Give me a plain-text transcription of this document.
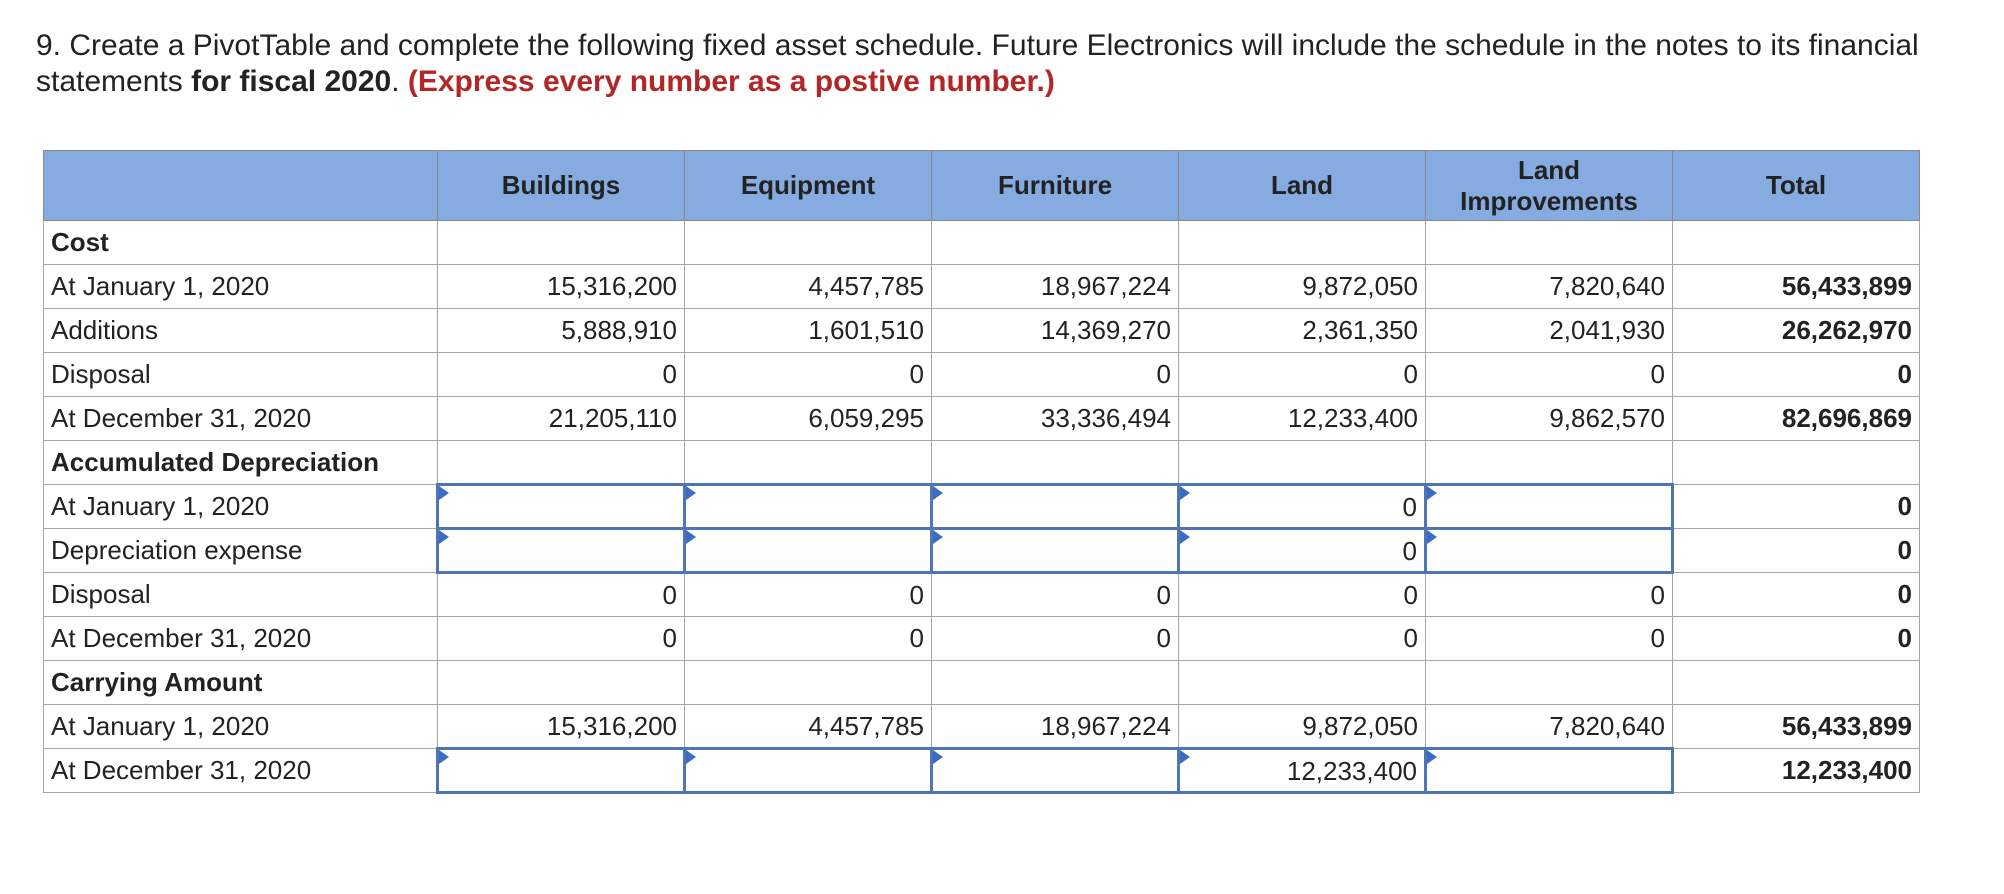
9. Create a PivotTable and complete the following fixed asset schedule. Future Electronics will include the schedule in the notes to its financial statements for fiscal 2020. (Express every number as a postive number.)
	Buildings	Equipment	Furniture	Land	Land Improvements	Total
Cost						
At January 1, 2020	15,316,200	4,457,785	18,967,224	9,872,050	7,820,640	56,433,899
Additions	5,888,910	1,601,510	14,369,270	2,361,350	2,041,930	26,262,970
Disposal	0	0	0	0	0	0
At December 31, 2020	21,205,110	6,059,295	33,336,494	12,233,400	9,862,570	82,696,869
Accumulated Depreciation						
At January 1, 2020				0		0
Depreciation expense				0		0
Disposal	0	0	0	0	0	0
At December 31, 2020	0	0	0	0	0	0
Carrying Amount						
At January 1, 2020	15,316,200	4,457,785	18,967,224	9,872,050	7,820,640	56,433,899
At December 31, 2020				12,233,400		12,233,400
